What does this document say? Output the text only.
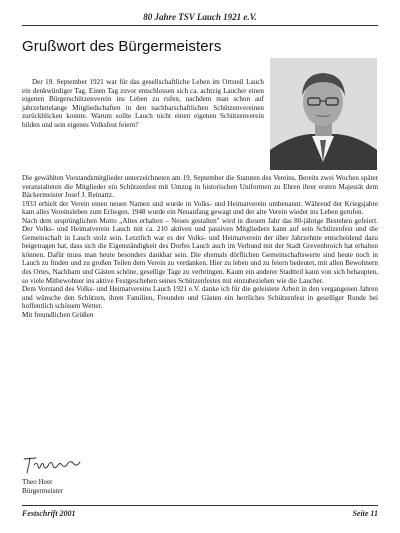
80 Jahre TSV Lauch 1921 e.V.
Grußwort des Bürgermeisters

Der 19. September 1921 war für das gesellschaftliche Leben im Ortsteil Lauch ein denkwürdiger Tag. Einen Tag zuvor entschlossen sich ca. achtzig Laucher einen eigenen Bürgerschützenverein ins Leben zu rufen, nachdem man schon auf jahrzehntelange Mitgliedschaften in den nachbarschaftlichen Schützenvereinen zurückblicken konnte. Warum sollte Lauch nicht einen eigenen Schützenverein bilden und sein eigenes Volksfest feiern?

Die gewählten Vorstandsmitglieder unterzeichneten am 19. September die Statuten des Vereins. Bereits zwei Wochen später veranstalteten die Mitglieder ein Schützenfest mit Umzug in historischen Uniformen zu Ehren ihrer ersten Majestät dem Bäckermeister Josef J. Reinartz.

1933 erhielt der Verein einen neuen Namen und wurde in Volks- und Heimatverein umbenannt. Während der Kriegsjahre kam alles Vereinsleben zum Erliegen. 1948 wurde ein Neuanfang gewagt und der alte Verein wieder ins Leben gerufen.

Nach dem ursprünglichen Motto „Altes erhalten – Neues gestalten" wird in diesem Jahr das 80-jährige Bestehen gefeiert. Der Volks- und Heimatverein Lauch mit ca. 210 aktiven und passiven Mitgliedern kann auf sein Schützenfest und die Gemeinschaft in Lauch stolz sein. Letztlich war es der Volks- und Heimatverein der über Jahrzehnte entscheidend dazu beigetragen hat, dass sich die Eigenständigkeit des Dorfes Lauch auch im Verbund mit der Stadt Grevenbroich hat erhalten können. Dafür muss man heute besonders dankbar sein. Die ehemals dörflichen Gemeinschaftswerte sind heute noch in Lauch zu finden und zu großen Teilen dem Verein zu verdanken. Hier zu leben und zu feiern bedeutet, mit allen Bewohnern des Ortes, Nachbarn und Gästen schöne, gesellige Tage zu verbringen. Kaum ein anderer Stadtteil kann von sich behaupten, so viele Mitbewohner ins aktive Festgeschehen seines Schützenfestes mit einzubeziehen wie die Laucher.

Dem Vorstand des Volks- und Heimatvereins Lauch 1921 e.V. danke ich für die geleistete Arbeit in den vergangenen Jahren und wünsche den Schützen, ihren Familien, Freunden und Gästen ein herrliches Schützenfest in geselliger Runde bei hoffentlich schönem Wetter.

Mit freundlichen Grüßen

Theo Heer
Bürgermeister
Festschrift 2001	Seite 11
